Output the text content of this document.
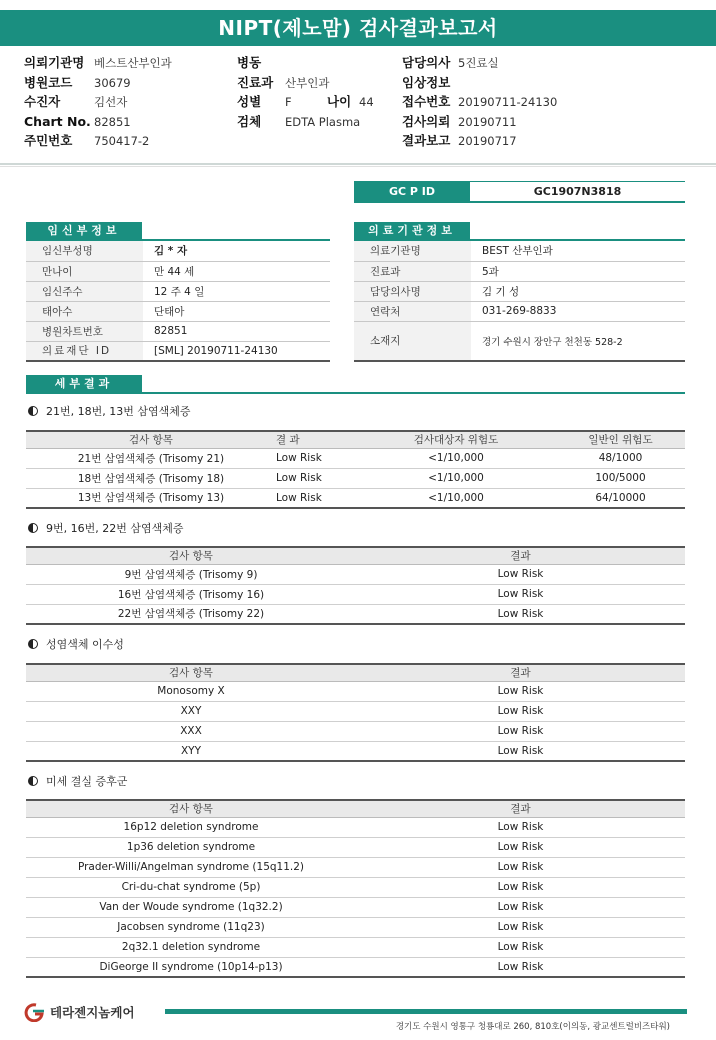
NIPT(제노맘) 검사결과보고서
의뢰기관명 베스트산부인과
병원코드 30679
수진자	김선자
Chart No. 82851
주민번호 750417-2
병동
진료과 산부인과
성별 F	나이 44
검체 EDTA Plasma
담당의사 5진료실
임상정보
접수번호 20190711-24130
검사의뢰 20190711
결과보고 20190717
GC P ID	GC1907N3818
임신부정보
임신부성명	김 * 자
만나이	만 44 세
임신주수	12 주 4 일
태아수	단태아
병원차트번호	82851
의료재단 ID	[SML] 20190711-24130
의료기관정보
의료기관명	BEST 산부인과
진료과	5과
담당의사명	김 기 성
연락처	031-269-8833
소재지	경기 수원시 장안구 천천동 528-2
세부결과
21번, 18번, 13번 삼염색체증
검사 항목	결 과	검사대상자 위험도	일반인 위험도
21번 삼염색체증 (Trisomy 21)	Low Risk	<1/10,000	48/1000
18번 삼염색체증 (Trisomy 18)	Low Risk	<1/10,000	100/5000
13번 삼염색체증 (Trisomy 13)	Low Risk	<1/10,000	64/10000
9번, 16번, 22번 삼염색체증
검사 항목	결과
9번 삼염색체증 (Trisomy 9)	Low Risk
16번 삼염색체증 (Trisomy 16)	Low Risk
22번 삼염색체증 (Trisomy 22)	Low Risk
성염색체 이수성
검사 항목	결과
Monosomy X	Low Risk
XXY	Low Risk
XXX	Low Risk
XYY	Low Risk
미세 결실 증후군
검사 항목	결과
16p12 deletion syndrome	Low Risk
1p36 deletion syndrome	Low Risk
Prader-Willi/Angelman syndrome (15q11.2)	Low Risk
Cri-du-chat syndrome (5p)	Low Risk
Van der Woude syndrome (1q32.2)	Low Risk
Jacobsen syndrome (11q23)	Low Risk
2q32.1 deletion syndrome	Low Risk
DiGeorge II syndrome (10p14-p13)	Low Risk
테라젠지놈케어
경기도 수원시 영통구 청룡대로 260, 810호(이의동, 광교센트럴비즈타워)
